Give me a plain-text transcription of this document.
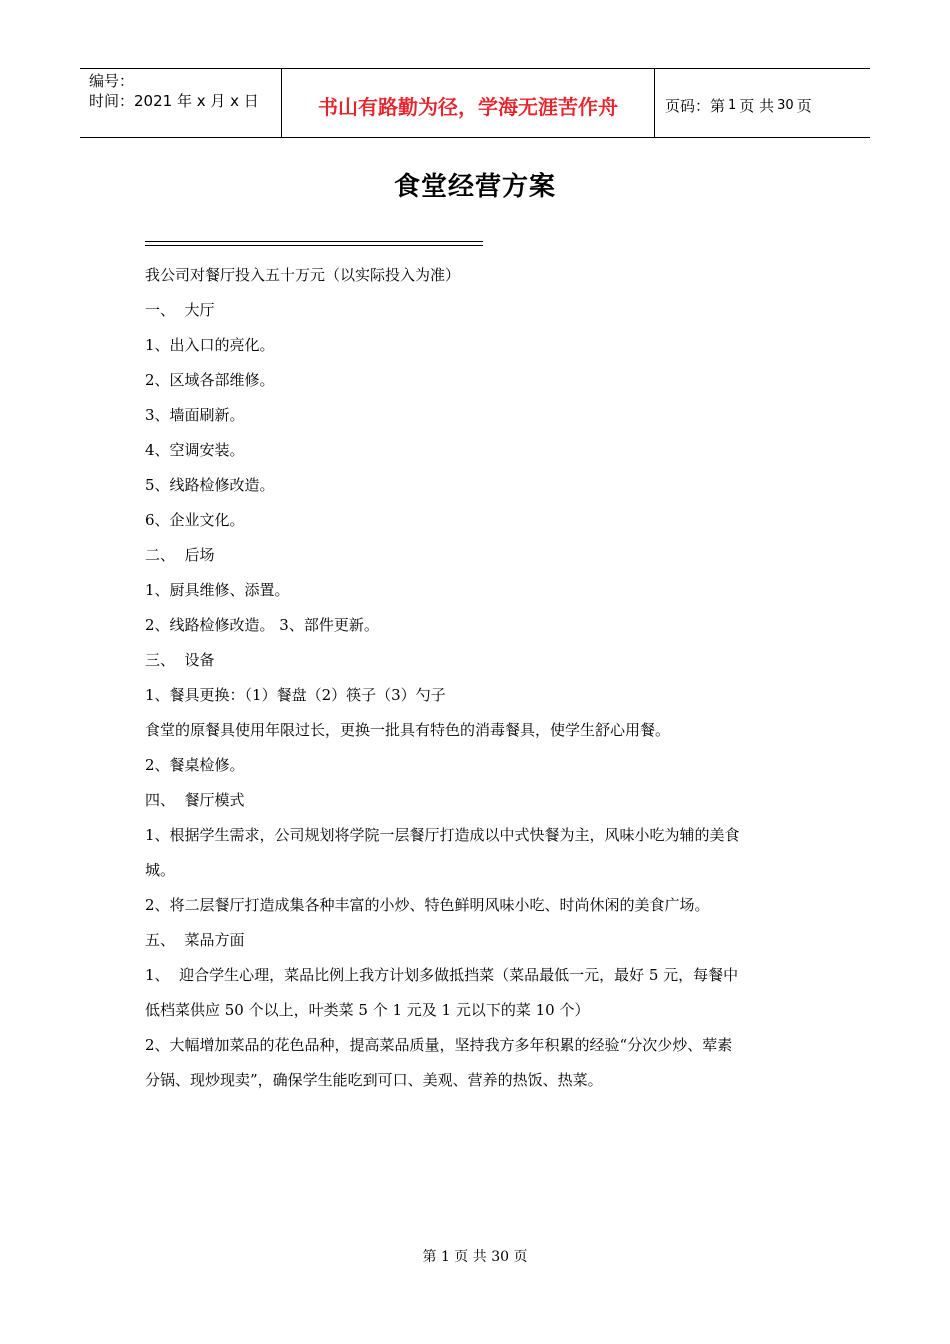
编号：
时间：2021 年 x 月 x 日	书山有路勤为径，学海无涯苦作舟	页码：第 1 页 共 30 页
食堂经营方案

我公司对餐厅投入五十万元（以实际投入为准）

一、  大厅

1、出入口的亮化。

2、区域各部维修。

3、墙面刷新。

4、空调安装。

5、线路检修改造。

6、企业文化。

二、  后场

1、厨具维修、添置。

2、线路检修改造。 3、部件更新。

三、  设备

1、餐具更换：（1）餐盘（2）筷子（3）勺子

食堂的原餐具使用年限过长，更换一批具有特色的消毒餐具，使学生舒心用餐。

2、餐桌检修。

四、  餐厅模式

1、根据学生需求，公司规划将学院一层餐厅打造成以中式快餐为主，风味小吃为辅的美食

城。

2、将二层餐厅打造成集各种丰富的小炒、特色鲜明风味小吃、时尚休闲的美食广场。

五、  菜品方面

1、  迎合学生心理，菜品比例上我方计划多做抵挡菜（菜品最低一元，最好 5 元，每餐中

低档菜供应 50 个以上，叶类菜 5 个 1 元及 1 元以下的菜 10 个）

2、大幅增加菜品的花色品种，提高菜品质量，坚持我方多年积累的经验“分次少炒、荤素

分锅、现炒现卖”，确保学生能吃到可口、美观、营养的热饭、热菜。

第 1 页 共 30 页
